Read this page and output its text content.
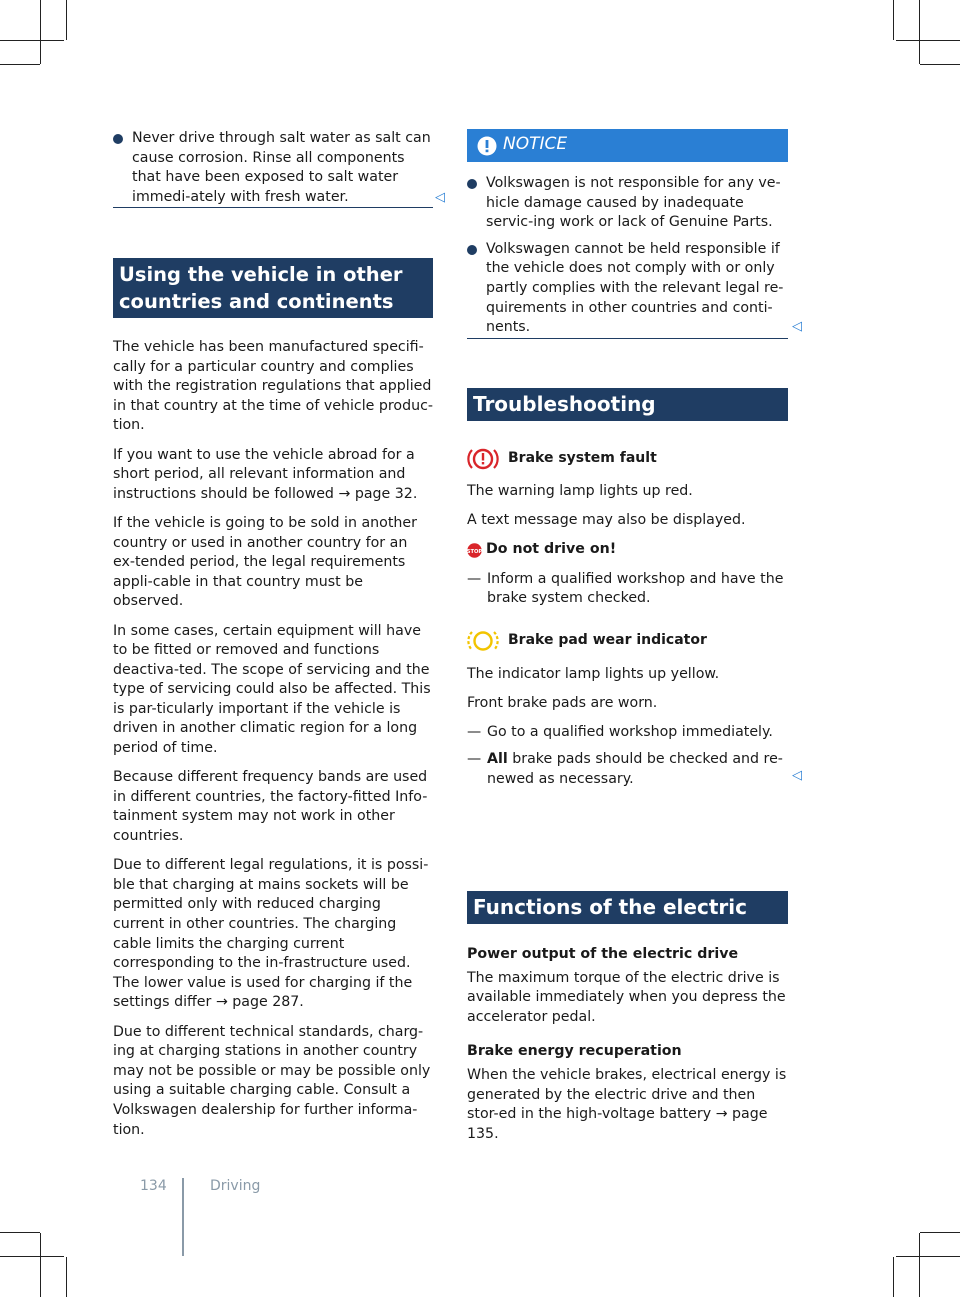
Never drive through salt water as salt can cause corrosion. Rinse all components that have been exposed to salt water immedi-ately with fresh water.	◁
Using the vehicle in other countries and continents

The vehicle has been manufactured specifi-cally for a particular country and complies with the registration regulations that applied in that country at the time of vehicle produc-tion.

If you want to use the vehicle abroad for a short period, all relevant information and instructions should be followed → page 32.

If the vehicle is going to be sold in another country or used in another country for an ex-tended period, the legal requirements appli-cable in that country must be observed.

In some cases, certain equipment will have to be fitted or removed and functions deactiva-ted. The scope of servicing and the type of servicing could also be affected. This is par-ticularly important if the vehicle is driven in another climatic region for a long period of time.

Because different frequency bands are used in different countries, the factory-fitted Info-tainment system may not work in other countries.

Due to different legal regulations, it is possi-ble that charging at mains sockets will be permitted only with reduced charging current in other countries. The charging cable limits the charging current corresponding to the in-frastructure used. The lower value is used for charging if the settings differ → page 287.

Due to different technical standards, charg-ing at charging stations in another country may not be possible or may be possible only using a suitable charging cable. Consult a Volkswagen dealership for further informa-tion.

NOTICE
Volkswagen is not responsible for any ve-hicle damage caused by inadequate servic-ing work or lack of Genuine Parts.
Volkswagen cannot be held responsible if the vehicle does not comply with or only partly complies with the relevant legal re-quirements in other countries and conti-nents.	◁
Troubleshooting
Brake system fault

The warning lamp lights up red.

A text message may also be displayed.

STOP Do not drive on!

— Inform a qualified workshop and have the brake system checked.
Brake pad wear indicator

The indicator lamp lights up yellow.

Front brake pads are worn.

— Go to a qualified workshop immediately.
— All brake pads should be checked and re-newed as necessary.	◁
Functions of the electric drive

Power output of the electric drive

The maximum torque of the electric drive is available immediately when you depress the accelerator pedal.

Brake energy recuperation

When the vehicle brakes, electrical energy is generated by the electric drive and then stor-ed in the high-voltage battery → page 135.

134	Driving
